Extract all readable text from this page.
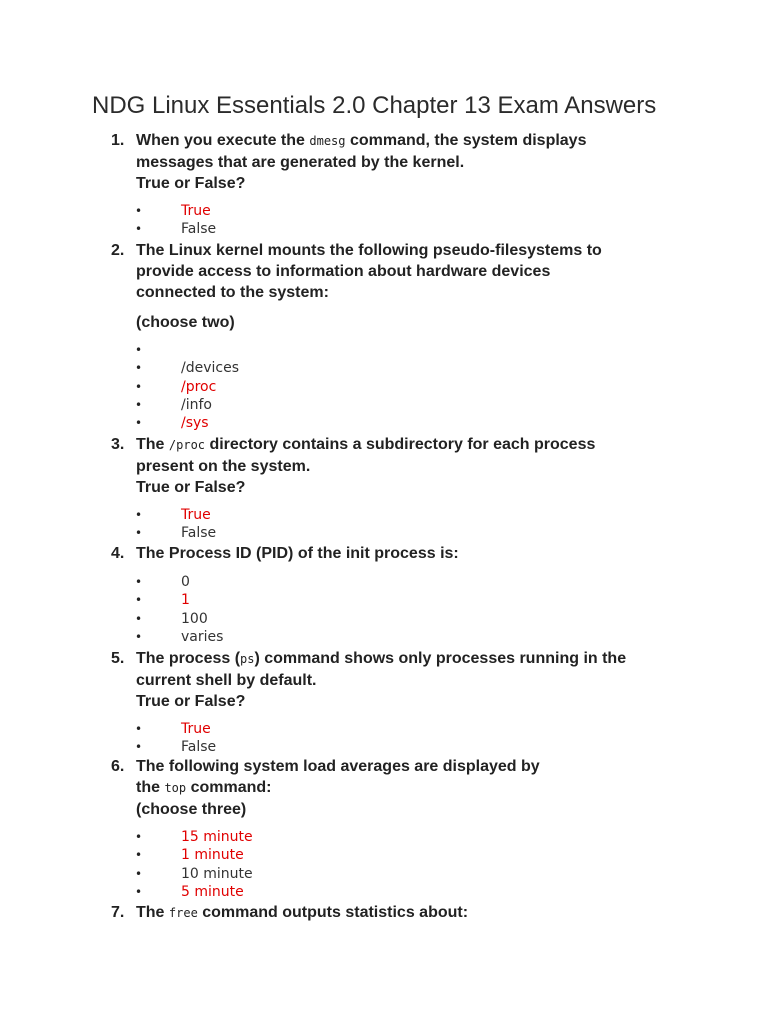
NDG Linux Essentials 2.0 Chapter 13 Exam Answers
1. When you execute the dmesg command, the system displays
messages that are generated by the kernel.
True or False?
•	True
•	False
2. The Linux kernel mounts the following pseudo-filesystems to
provide access to information about hardware devices
connected to the system:
(choose two)
•
•	/devices
•	/proc
•	/info
•	/sys
3. The /proc directory contains a subdirectory for each process
present on the system.
True or False?
•	True
•	False
4. The Process ID (PID) of the init process is:
•	0
•	1
•	100
•	varies
5. The process (ps) command shows only processes running in the
current shell by default.
True or False?
•	True
•	False
6. The following system load averages are displayed by
the top command:
(choose three)
•	15 minute
•	1 minute
•	10 minute
•	5 minute
7. The free command outputs statistics about:
